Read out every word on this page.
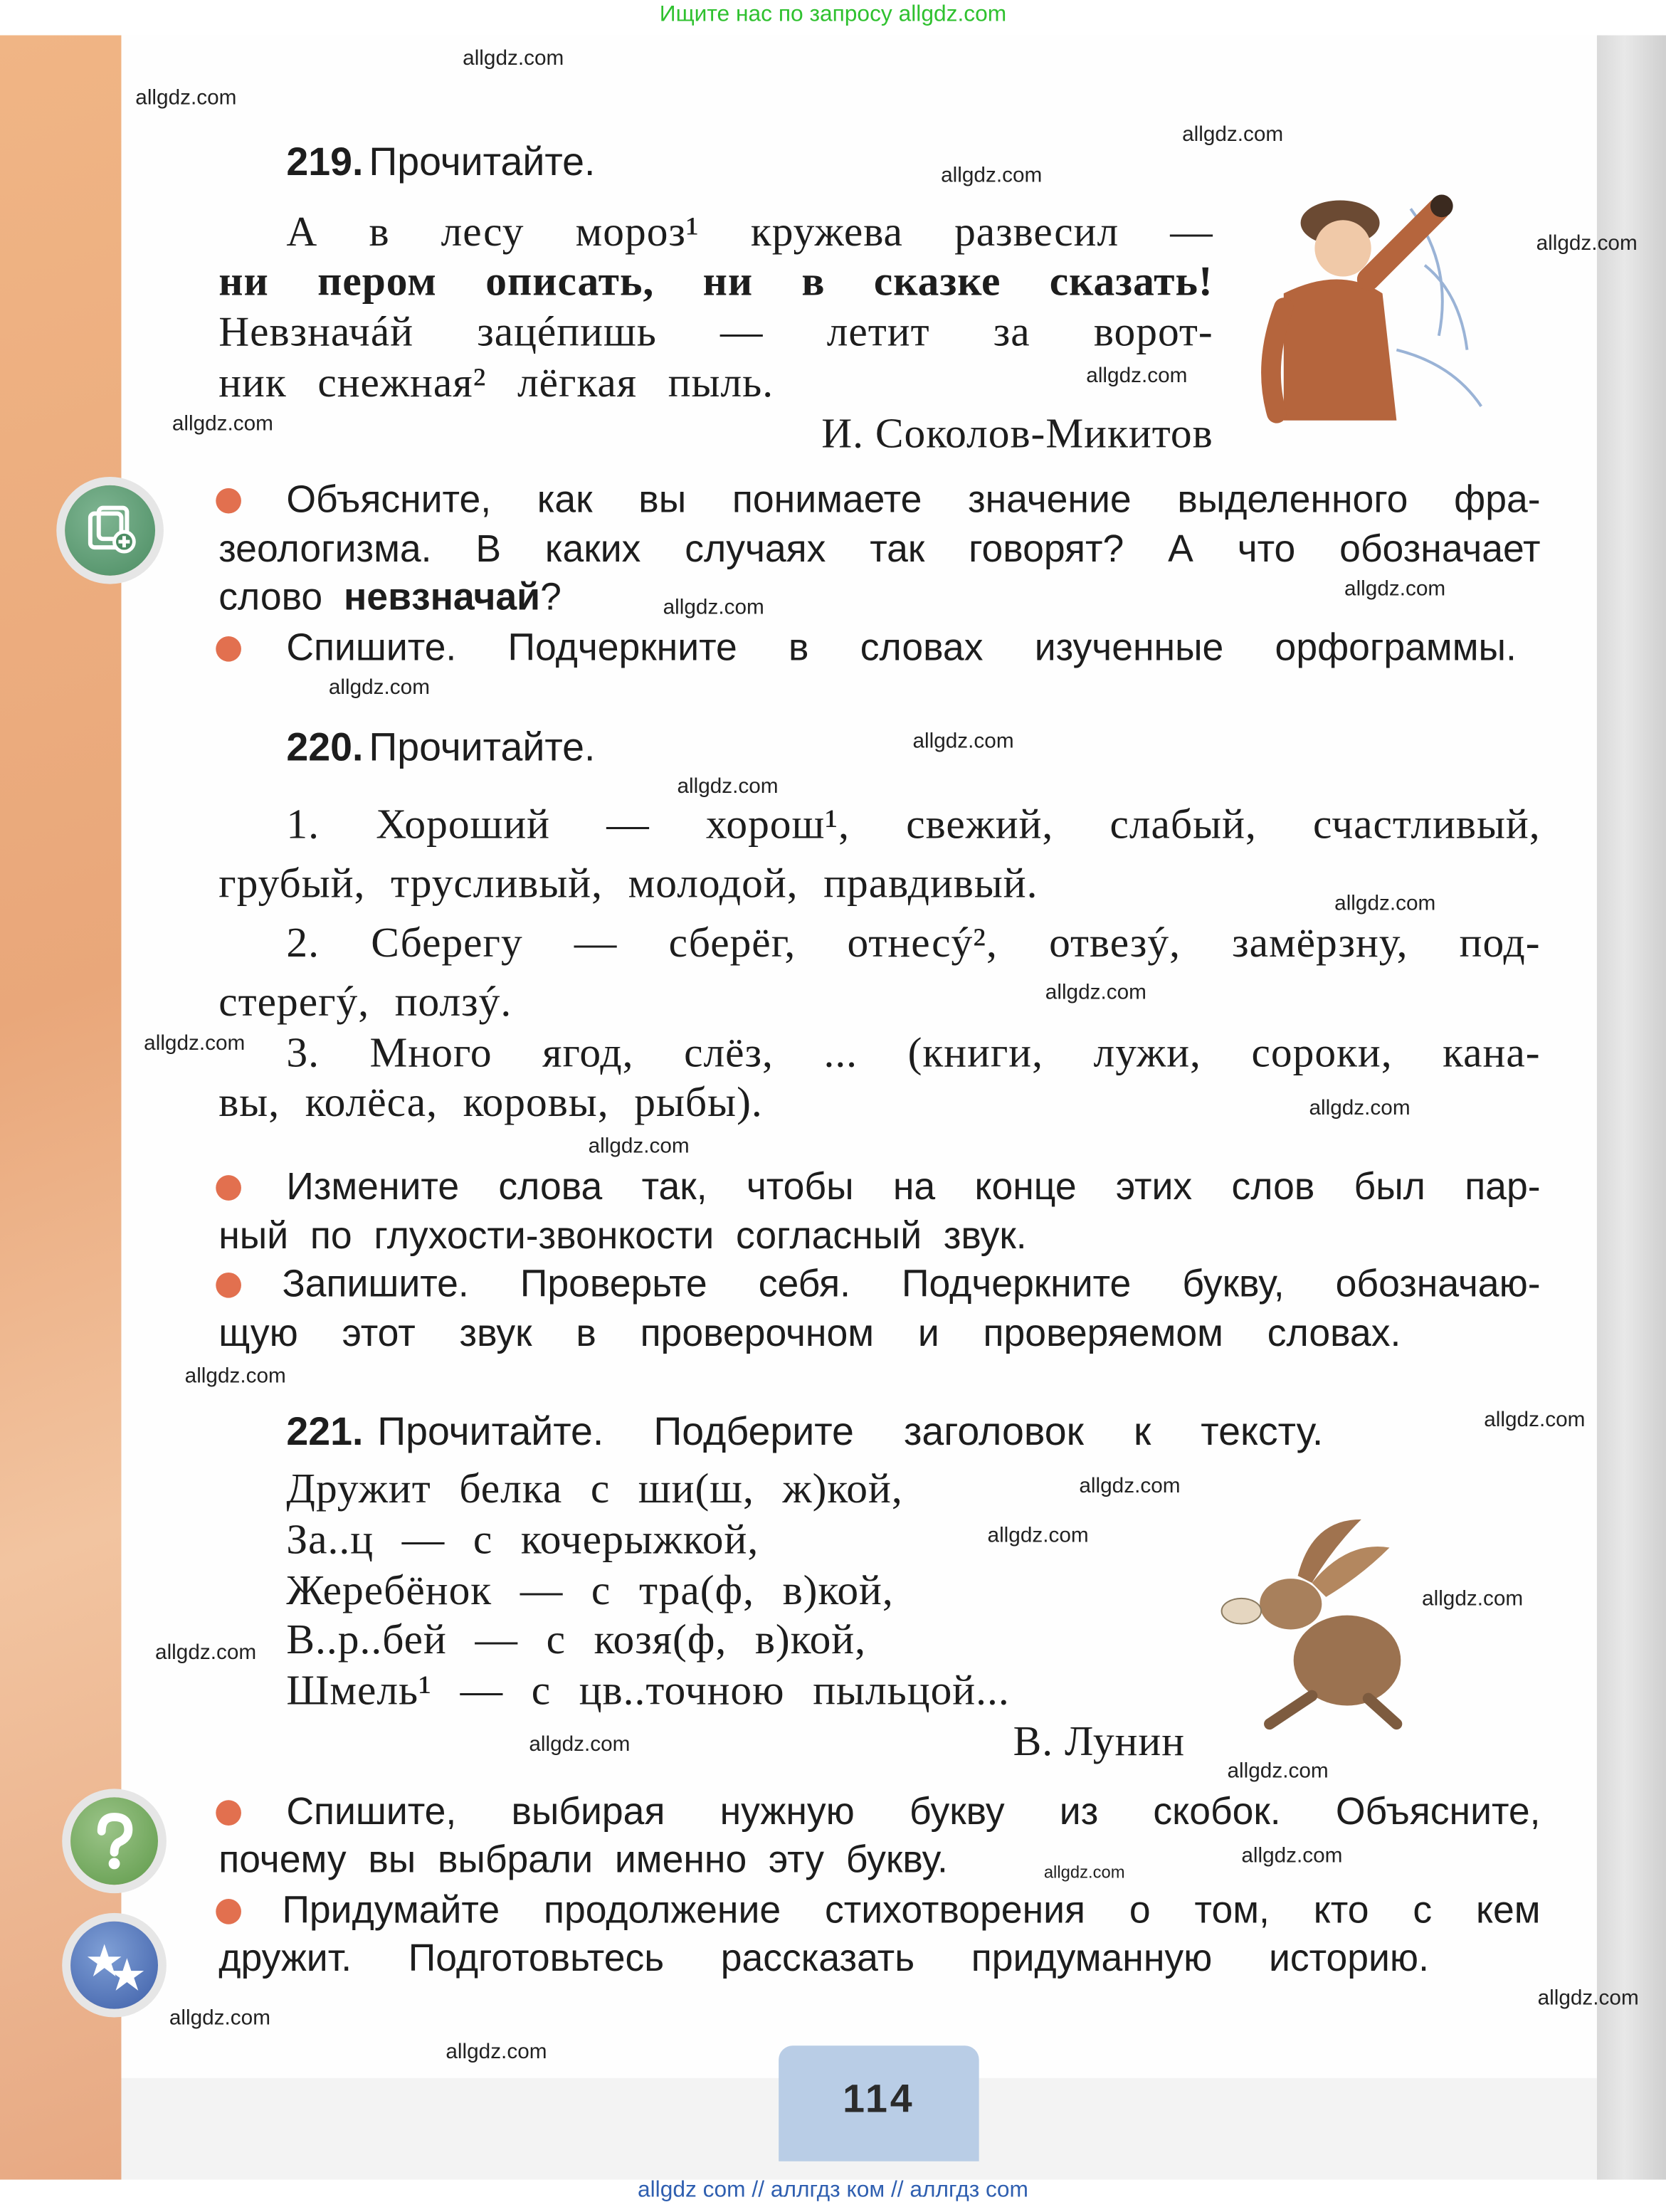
Ищите нас по запросу allgdz.com
219. Прочитайте.
А в лесу мороз¹ кружева развесил —
ни пером описать, ни в сказке сказать!
Невзначáй зацéпишь — летит за ворот-
ник снежная² лёгкая пыль.
И. Соколов-Микитов
Объясните, как вы понимаете значение выделенного фра-
зеологизма. В каких случаях так говорят? А что обозначает
слово невзначай?
Спишите. Подчеркните в словах изученные орфограммы.
220. Прочитайте.
1. Хороший — хорош¹, свежий, слабый, счастливый,
грубый, трусливый, молодой, правдивый.
2. Сберегу — сберёг, отнесý², отвезý, замёрзну, под-
стерегý, ползý.
3. Много ягод, слёз, ... (книги, лужи, сороки, кана-
вы, колёса, коровы, рыбы).
Измените слова так, чтобы на конце этих слов был пар-
ный по глухости-звонкости согласный звук.
Запишите. Проверьте себя. Подчеркните букву, обозначаю-
щую этот звук в проверочном и проверяемом словах.
221. Прочитайте. Подберите заголовок к тексту.
Дружит белка с ши(ш, ж)кой,
За..ц — с кочерыжкой,
Жеребёнок — с тра(ф, в)кой,
В..р..бей — с козя(ф, в)кой,
Шмель¹ — с цв..точною пыльцой...
В. Лунин
Спишите, выбирая нужную букву из скобок. Объясните,
почему вы выбрали именно эту букву.
Придумайте продолжение стихотворения о том, кто с кем
дружит. Подготовьтесь рассказать придуманную историю.
114
allgdz com // аллгдз ком // аллгдз com
allgdz.com
allgdz.com
allgdz.com
allgdz.com
allgdz.com
allgdz.com
allgdz.com
allgdz.com
allgdz.com
allgdz.com
allgdz.com
allgdz.com
allgdz.com
allgdz.com
allgdz.com
allgdz.com
allgdz.com
allgdz.com
allgdz.com
allgdz.com
allgdz.com
allgdz.com
allgdz.com
allgdz.com
allgdz.com
allgdz.com
allgdz.com
allgdz.com
allgdz.com
allgdz.com
